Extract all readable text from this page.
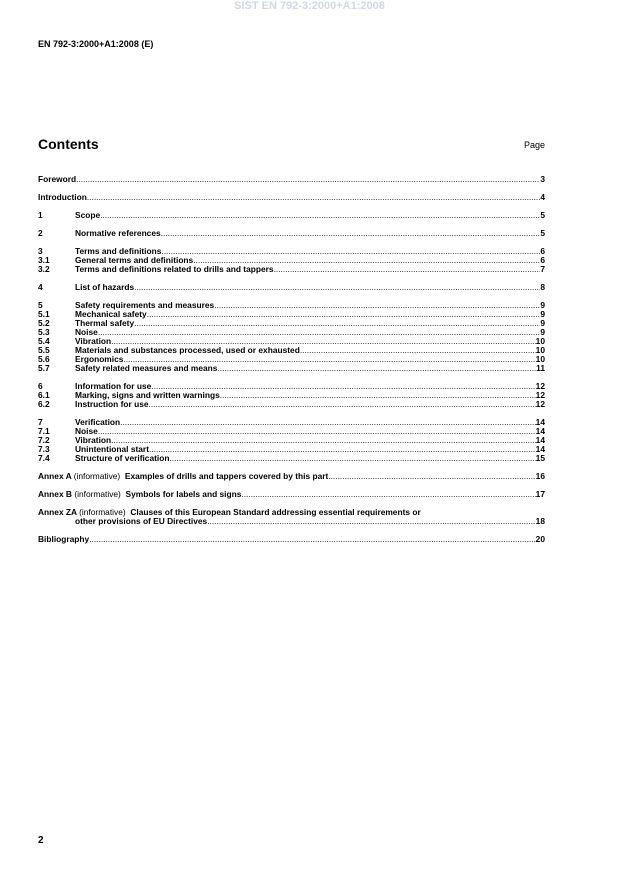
SIST EN 792-3:2000+A1:2008
EN 792-3:2000+A1:2008 (E)
Contents	Page
Foreword .....	3
Introduction .....	4
1	Scope .....	5
2	Normative references .....	5
3	Terms and definitions .....	6
3.1	General terms and definitions .....	6
3.2	Terms and definitions related to drills and tappers .....	7
4	List of hazards .....	8
5	Safety requirements and measures .....	9
5.1	Mechanical safety .....	9
5.2	Thermal safety .....	9
5.3	Noise .....	9
5.4	Vibration .....	10
5.5	Materials and substances processed, used or exhausted .....	10
5.6	Ergonomics .....	10
5.7	Safety related measures and means .....	11
6	Information for use .....	12
6.1	Marking, signs and written warnings .....	12
6.2	Instruction for use .....	12
7	Verification .....	14
7.1	Noise .....	14
7.2	Vibration .....	14
7.3	Unintentional start .....	14
7.4	Structure of verification .....	15
Annex A (informative) Examples of drills and tappers covered by this part .....	16
Annex B (informative) Symbols for labels and signs .....	17
Annex ZA (informative) Clauses of this European Standard addressing essential requirements or
other provisions of EU Directives .....	18
Bibliography .....	20
2
